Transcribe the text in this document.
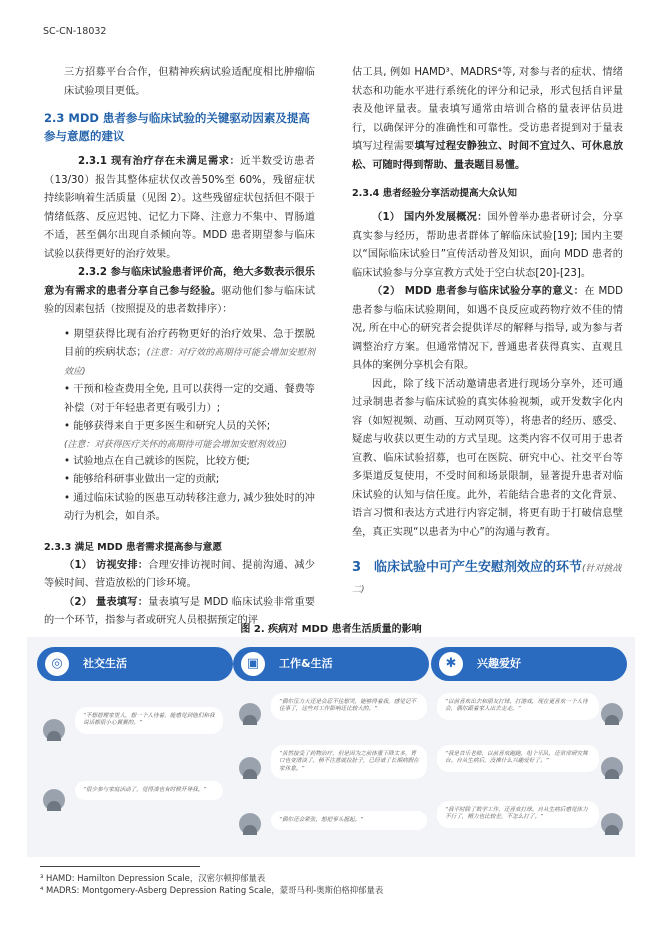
SC-CN-18032

三方招募平台合作，但精神疾病试验适配度相比肿瘤临床试验项目更低。

2.3 MDD 患者参与临床试验的关键驱动因素及提高参与意愿的建议

2.3.1 现有治疗存在未满足需求：近半数受访患者（13/30）报告其整体症状仅改善50%至 60%，残留症状持续影响着生活质量（见图 2）。这些残留症状包括但不限于情绪低落、反应迟钝、记忆力下降、注意力不集中、胃肠道不适，甚至偶尔出现自杀倾向等。MDD 患者期望参与临床试验以获得更好的治疗效果。

2.3.2 参与临床试验患者评价高，绝大多数表示很乐意为有需求的患者分享自己参与经验。驱动他们参与临床试验的因素包括（按照提及的患者数排序）：

• 期望获得比现有治疗药物更好的治疗效果、急于摆脱目前的疾病状态；(注意：对疗效的高期待可能会增加安慰剂效应)

• 干预和检查费用全免, 且可以获得一定的交通、餐费等补偿（对于年轻患者更有吸引力）;

• 能够获得来自于更多医生和研究人员的关怀;

(注意：对获得医疗关怀的高期待可能会增加安慰剂效应)

• 试验地点在自己就诊的医院，比较方便;

• 能够给科研事业做出一定的贡献;

• 通过临床试验的医患互动转移注意力, 减少独处时的冲动行为机会，如自杀。

2.3.3 满足 MDD 患者需求提高参与意愿

（1） 访视安排：合理安排访视时间、提前沟通、减少等候时间、营造放松的门诊环境。

（2） 量表填写：量表填写是 MDD 临床试验非常重要的一个环节，指参与者或研究人员根据预定的评

估工具, 例如 HAMD³、MADRS⁴等, 对参与者的症状、情绪状态和功能水平进行系统化的评分和记录，形式包括自评量表及他评量表。量表填写通常由培训合格的量表评估员进行，以确保评分的准确性和可靠性。受访患者提到对于量表填写过程需要填写过程安静独立、时间不宜过久、可休息放松、可随时得到帮助、量表题目易懂。

2.3.4 患者经验分享活动提高大众认知

（1） 国内外发展概况：国外曾举办患者研讨会，分享真实参与经历，帮助患者群体了解临床试验[19]; 国内主要以“国际临床试验日”宣传活动普及知识，面向 MDD 患者的临床试验参与分享宣教方式处于空白状态[20]-[23]。

（2） MDD 患者参与临床试验分享的意义：在 MDD 患者参与临床试验期间，如遇不良反应或药物疗效不佳的情况, 所在中心的研究者会提供详尽的解释与指导, 或为参与者调整治疗方案。但通常情况下, 普通患者获得真实、直观且具体的案例分享机会有限。

因此，除了线下活动邀请患者进行现场分享外，还可通过录制患者参与临床试验的真实体验视频，或开发数字化内容（如短视频、动画、互动网页等），将患者的经历、感受、疑虑与收获以更生动的方式呈现。这类内容不仅可用于患者宣教、临床试验招募，也可在医院、研究中心、社交平台等多渠道反复使用，不受时间和场景限制，显著提升患者对临床试验的认知与信任度。此外，若能结合患者的文化背景、语言习惯和表达方式进行内容定制，将更有助于打破信息壁垒，真正实现“以患者为中心”的沟通与教育。

3 临床试验中可产生安慰剂效应的环节(针对挑战二)

图 2. 疾病对 MDD 患者生活质量的影响
◎	社交生活
“不想搭理家里人，想一个人待着，能感觉到他们和我说话都很小心翼翼的。”
“很少参与家庭活动了，觉得凑也有时候开导我。”
▣	工作&生活
“偶尔压力大还是会忍不住想哭，能够得着我，感觉记不住事了，这些对工作影响还比较大的。”
“虽然接受了药物治疗，但是因为之前体重下降太多，胃口也变清淡了，稍不注意就拉肚子，已经请了长期病假在家休息。”
“偶尔还会紧张，想把事头握起。”
✱	兴趣爱好
“以前喜欢出去和朋友打球、打游戏，现在更喜欢一个人待会，偶尔跟着家人出去走走。”
“我是音乐老师，以前喜欢跑跑，组个乐队，还常常研究舞台。自从生病后，没推什么兴趣爱好了。”
“我平时除了数学工作，还喜欢打球。自从生病后感觉体力不行了，精力也比较差，不怎么打了。”
³ HAMD: Hamilton Depression Scale，汉密尔顿抑郁量表
⁴ MADRS: Montgomery-Asberg Depression Rating Scale，蒙哥马利-奥斯伯格抑郁量表
